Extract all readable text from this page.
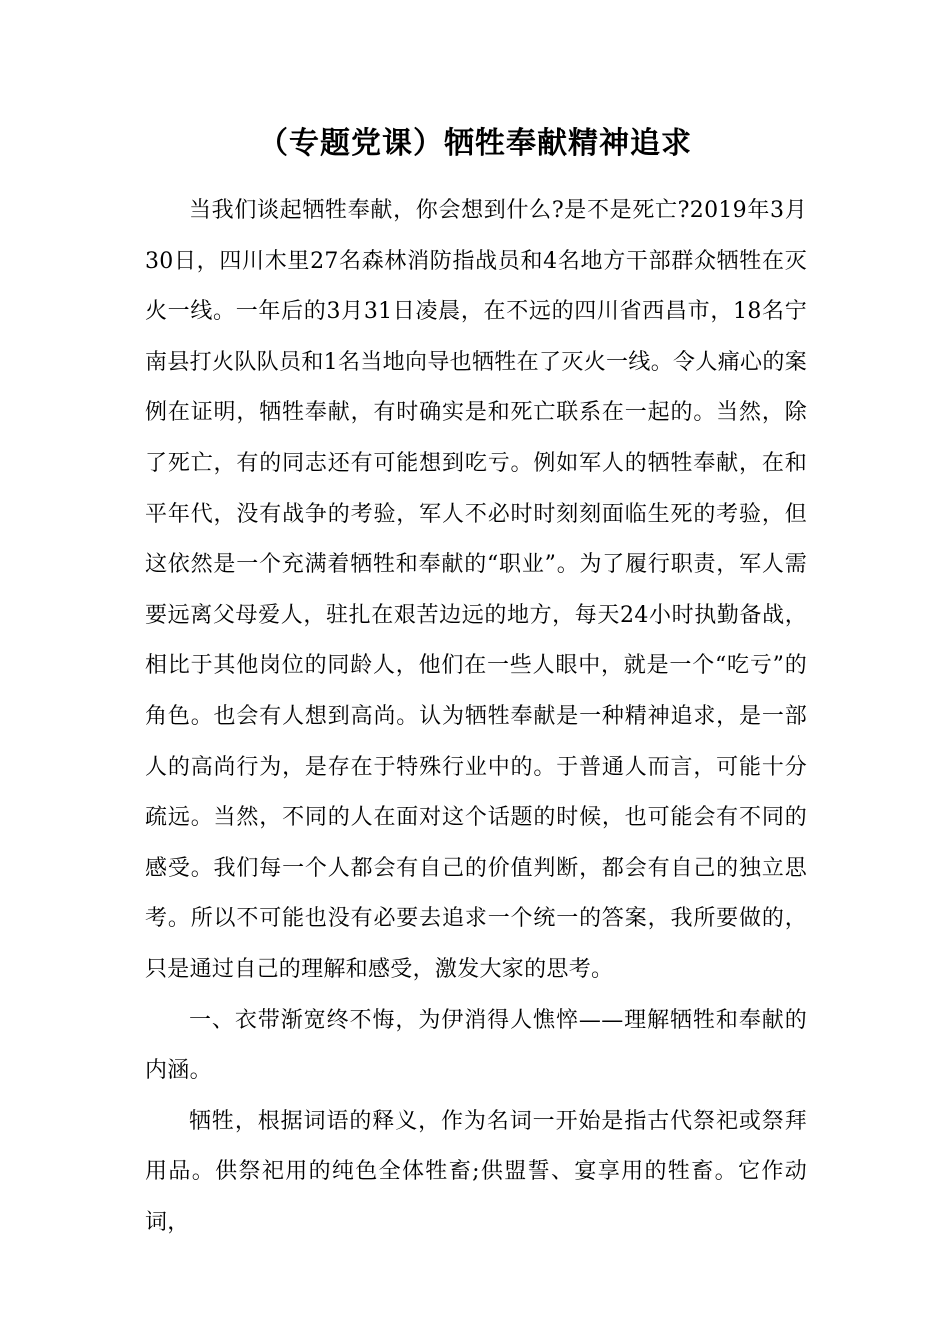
（专题党课）牺牲奉献精神追求

当我们谈起牺牲奉献，你会想到什么?是不是死亡?2019年3月30日，四川木里27名森林消防指战员和4名地方干部群众牺牲在灭火一线。一年后的3月31日凌晨，在不远的四川省西昌市，18名宁南县打火队队员和1名当地向导也牺牲在了灭火一线。令人痛心的案例在证明，牺牲奉献，有时确实是和死亡联系在一起的。当然，除了死亡，有的同志还有可能想到吃亏。例如军人的牺牲奉献，在和平年代，没有战争的考验，军人不必时时刻刻面临生死的考验，但这依然是一个充满着牺牲和奉献的“职业”。为了履行职责，军人需要远离父母爱人，驻扎在艰苦边远的地方，每天24小时执勤备战，相比于其他岗位的同龄人，他们在一些人眼中，就是一个“吃亏”的角色。也会有人想到高尚。认为牺牲奉献是一种精神追求，是一部人的高尚行为，是存在于特殊行业中的。于普通人而言，可能十分疏远。当然，不同的人在面对这个话题的时候，也可能会有不同的感受。我们每一个人都会有自己的价值判断，都会有自己的独立思考。所以不可能也没有必要去追求一个统一的答案，我所要做的，只是通过自己的理解和感受，激发大家的思考。

一、衣带渐宽终不悔，为伊消得人憔悴——理解牺牲和奉献的内涵。

牺牲，根据词语的释义，作为名词一开始是指古代祭祀或祭拜用品。供祭祀用的纯色全体牲畜;供盟誓、宴享用的牲畜。它作动词，
